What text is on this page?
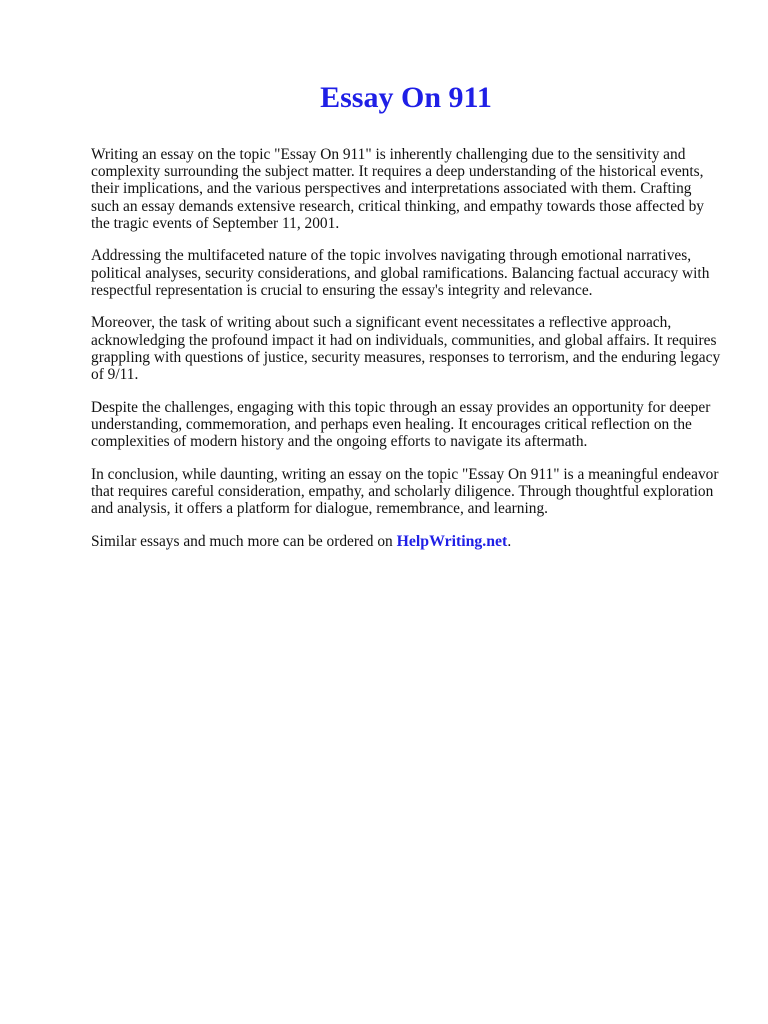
Essay On 911

Writing an essay on the topic "Essay On 911" is inherently challenging due to the sensitivity and complexity surrounding the subject matter. It requires a deep understanding of the historical events, their implications, and the various perspectives and interpretations associated with them. Crafting such an essay demands extensive research, critical thinking, and empathy towards those affected by the tragic events of September 11, 2001.

Addressing the multifaceted nature of the topic involves navigating through emotional narratives, political analyses, security considerations, and global ramifications. Balancing factual accuracy with respectful representation is crucial to ensuring the essay's integrity and relevance.

Moreover, the task of writing about such a significant event necessitates a reflective approach, acknowledging the profound impact it had on individuals, communities, and global affairs. It requires grappling with questions of justice, security measures, responses to terrorism, and the enduring legacy of 9/11.

Despite the challenges, engaging with this topic through an essay provides an opportunity for deeper understanding, commemoration, and perhaps even healing. It encourages critical reflection on the complexities of modern history and the ongoing efforts to navigate its aftermath.

In conclusion, while daunting, writing an essay on the topic "Essay On 911" is a meaningful endeavor that requires careful consideration, empathy, and scholarly diligence. Through thoughtful exploration and analysis, it offers a platform for dialogue, remembrance, and learning.

Similar essays and much more can be ordered on HelpWriting.net.
